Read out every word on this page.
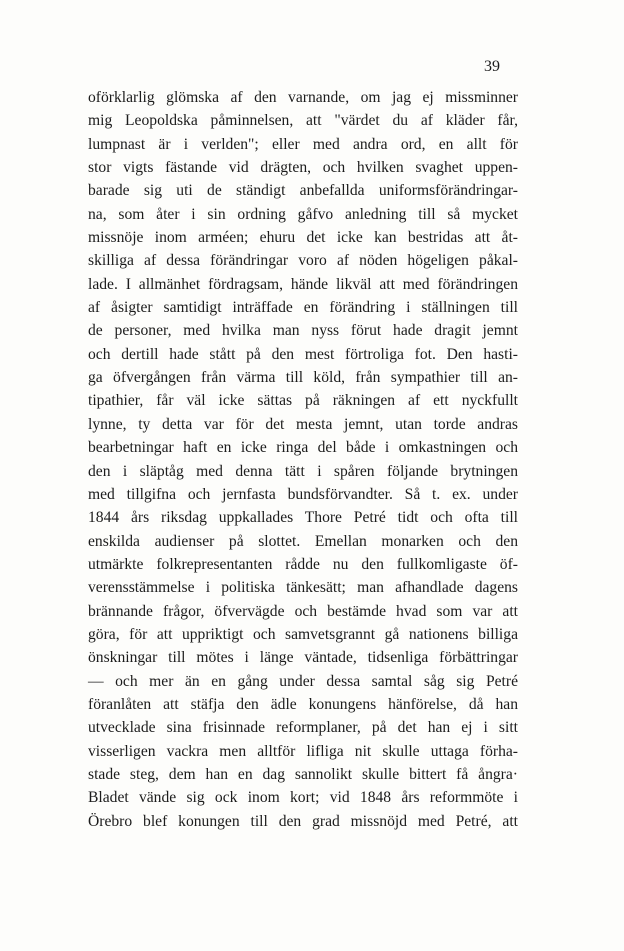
39
oförklarlig glömska af den varnande, om jag ej missminner
mig Leopoldska påminnelsen, att "värdet du af kläder får,
lumpnast är i verlden"; eller med andra ord, en allt för
stor vigts fästande vid drägten, och hvilken svaghet uppen-
barade sig uti de ständigt anbefallda uniformsförändringar-
na, som åter i sin ordning gåfvo anledning till så mycket
missnöje inom arméen; ehuru det icke kan bestridas att åt-
skilliga af dessa förändringar voro af nöden högeligen påkal-
lade. I allmänhet fördragsam, hände likväl att med förändringen
af åsigter samtidigt inträffade en förändring i ställningen till
de personer, med hvilka man nyss förut hade dragit jemnt
och dertill hade stått på den mest förtroliga fot. Den hasti-
ga öfvergången från värma till köld, från sympathier till an-
tipathier, får väl icke sättas på räkningen af ett nyckfullt
lynne, ty detta var för det mesta jemnt, utan torde andras
bearbetningar haft en icke ringa del både i omkastningen och
den i släptåg med denna tätt i spåren följande brytningen
med tillgifna och jernfasta bundsförvandter. Så t. ex. under
1844 års riksdag uppkallades Thore Petré tidt och ofta till
enskilda audienser på slottet. Emellan monarken och den
utmärkte folkrepresentanten rådde nu den fullkomligaste öf-
verensstämmelse i politiska tänkesätt; man afhandlade dagens
brännande frågor, öfvervägde och bestämde hvad som var att
göra, för att uppriktigt och samvetsgrannt gå nationens billiga
önskningar till mötes i länge väntade, tidsenliga förbättringar
— och mer än en gång under dessa samtal såg sig Petré
föranlåten att stäfja den ädle konungens hänförelse, då han
utvecklade sina frisinnade reformplaner, på det han ej i sitt
visserligen vackra men alltför lifliga nit skulle uttaga förha-
stade steg, dem han en dag sannolikt skulle bittert få ångra·
Bladet vände sig ock inom kort; vid 1848 års reformmöte i
Örebro blef konungen till den grad missnöjd med Petré, att
